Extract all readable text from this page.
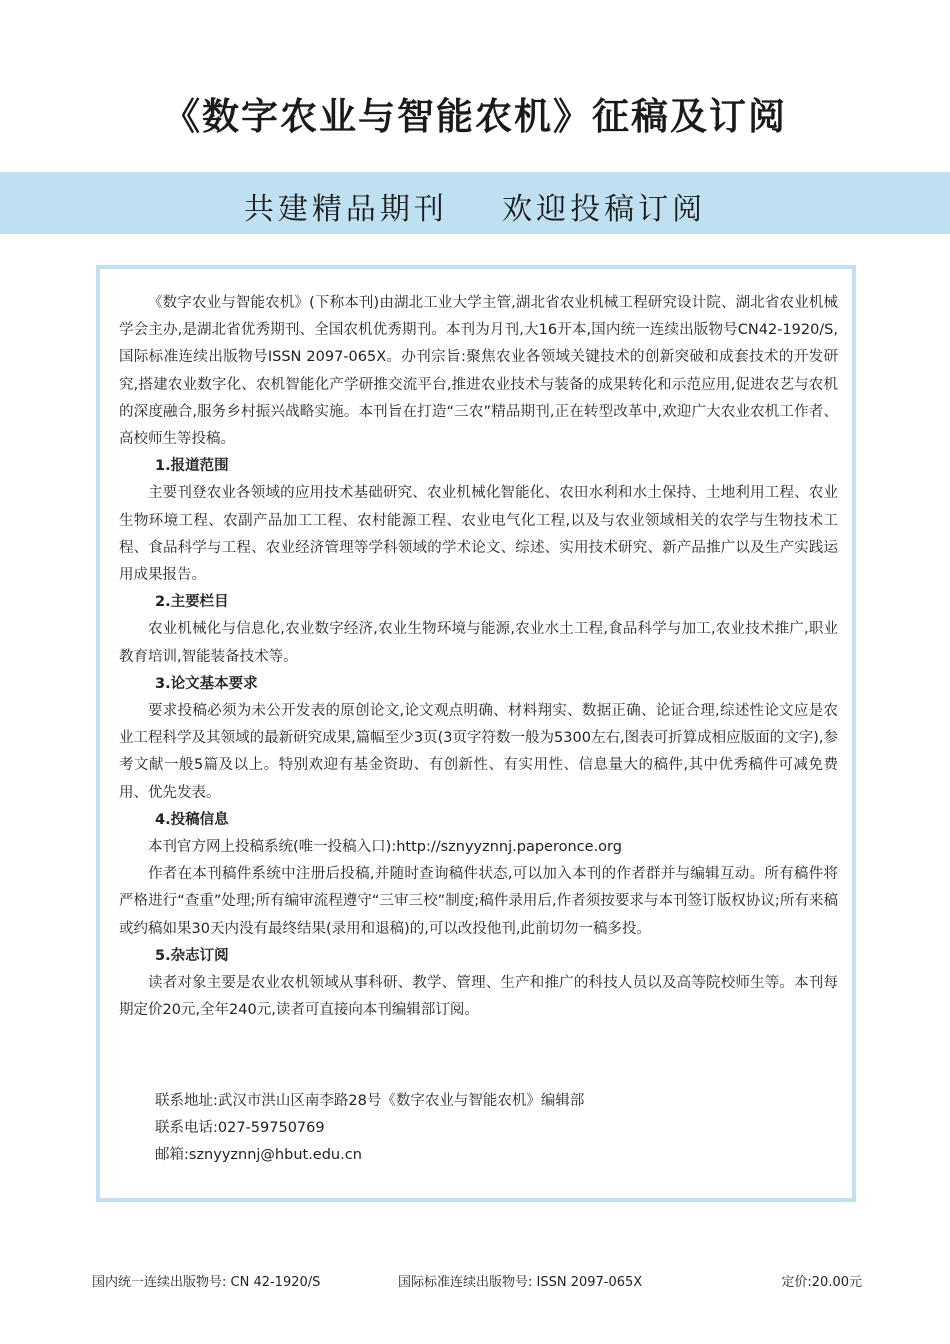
《数字农业与智能农机》征稿及订阅
共建精品期刊    欢迎投稿订阅

《数字农业与智能农机》(下称本刊)由湖北工业大学主管,湖北省农业机械工程研究设计院、湖北省农业机械学会主办,是湖北省优秀期刊、全国农机优秀期刊。本刊为月刊,大16开本,国内统一连续出版物号CN42-1920/S,国际标准连续出版物号ISSN 2097-065X。办刊宗旨:聚焦农业各领域关键技术的创新突破和成套技术的开发研究,搭建农业数字化、农机智能化产学研推交流平台,推进农业技术与装备的成果转化和示范应用,促进农艺与农机的深度融合,服务乡村振兴战略实施。本刊旨在打造“三农”精品期刊,正在转型改革中,欢迎广大农业农机工作者、高校师生等投稿。

1.报道范围

主要刊登农业各领域的应用技术基础研究、农业机械化智能化、农田水利和水土保持、土地利用工程、农业生物环境工程、农副产品加工工程、农村能源工程、农业电气化工程,以及与农业领域相关的农学与生物技术工程、食品科学与工程、农业经济管理等学科领域的学术论文、综述、实用技术研究、新产品推广以及生产实践运用成果报告。

2.主要栏目

农业机械化与信息化,农业数字经济,农业生物环境与能源,农业水土工程,食品科学与加工,农业技术推广,职业教育培训,智能装备技术等。

3.论文基本要求

要求投稿必须为未公开发表的原创论文,论文观点明确、材料翔实、数据正确、论证合理,综述性论文应是农业工程科学及其领域的最新研究成果,篇幅至少3页(3页字符数一般为5300左右,图表可折算成相应版面的文字),参考文献一般5篇及以上。特别欢迎有基金资助、有创新性、有实用性、信息量大的稿件,其中优秀稿件可减免费用、优先发表。

4.投稿信息

本刊官方网上投稿系统(唯一投稿入口):http://sznyyznnj.paperonce.org

作者在本刊稿件系统中注册后投稿,并随时查询稿件状态,可以加入本刊的作者群并与编辑互动。所有稿件将严格进行“查重”处理;所有编审流程遵守“三审三校”制度;稿件录用后,作者须按要求与本刊签订版权协议;所有来稿或约稿如果30天内没有最终结果(录用和退稿)的,可以改投他刊,此前切勿一稿多投。

5.杂志订阅

读者对象主要是农业农机领域从事科研、教学、管理、生产和推广的科技人员以及高等院校师生等。本刊每期定价20元,全年240元,读者可直接向本刊编辑部订阅。

联系地址:武汉市洪山区南李路28号《数字农业与智能农机》编辑部

联系电话:027-59750769

邮箱:sznyyznnj@hbut.edu.cn

国内统一连续出版物号: CN 42-1920/S	国际标准连续出版物号: ISSN 2097-065X	定价:20.00元
